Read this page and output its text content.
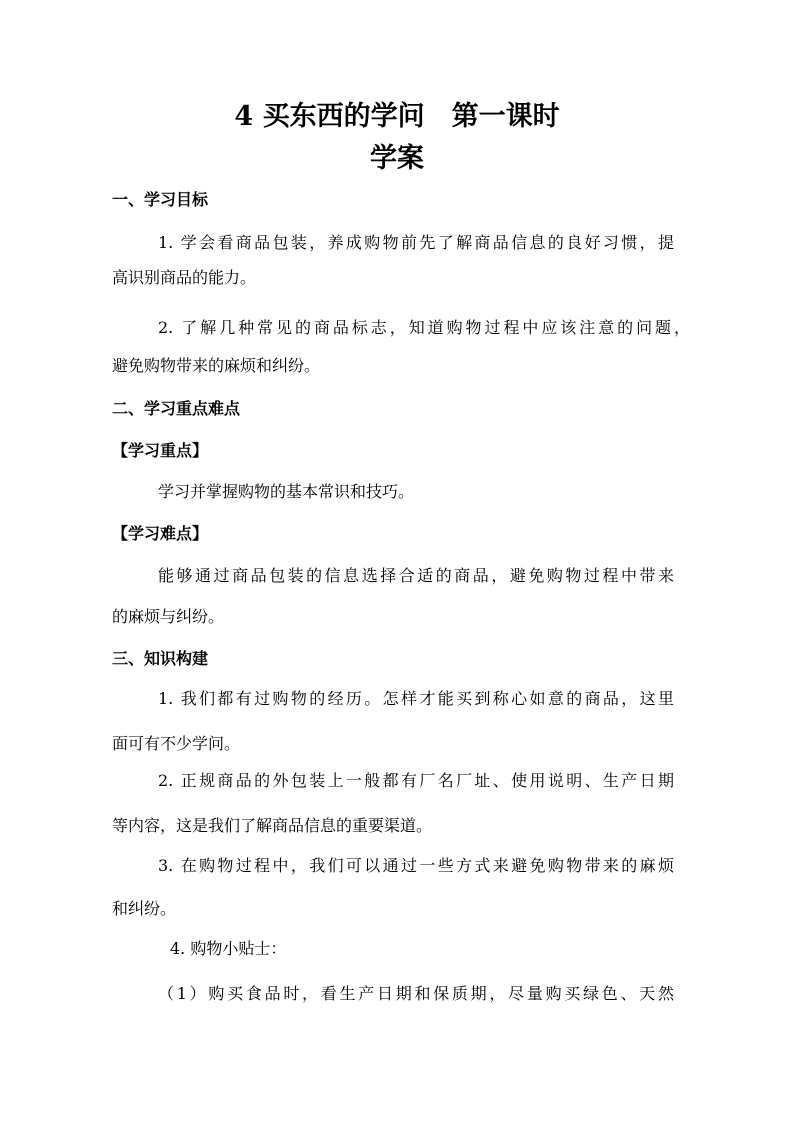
4 买东西的学问　第一课时
学案
一、学习目标
1. 学会看商品包装，养成购物前先了解商品信息的良好习惯，提
高识别商品的能力。
2. 了解几种常见的商品标志，知道购物过程中应该注意的问题，
避免购物带来的麻烦和纠纷。
二、学习重点难点
【学习重点】
学习并掌握购物的基本常识和技巧。
【学习难点】
能够通过商品包装的信息选择合适的商品，避免购物过程中带来
的麻烦与纠纷。
三、知识构建
1. 我们都有过购物的经历。怎样才能买到称心如意的商品，这里
面可有不少学问。
2. 正规商品的外包装上一般都有厂名厂址、使用说明、生产日期
等内容，这是我们了解商品信息的重要渠道。
3. 在购物过程中，我们可以通过一些方式来避免购物带来的麻烦
和纠纷。
4. 购物小贴士：
（1）购买食品时，看生产日期和保质期，尽量购买绿色、天然
